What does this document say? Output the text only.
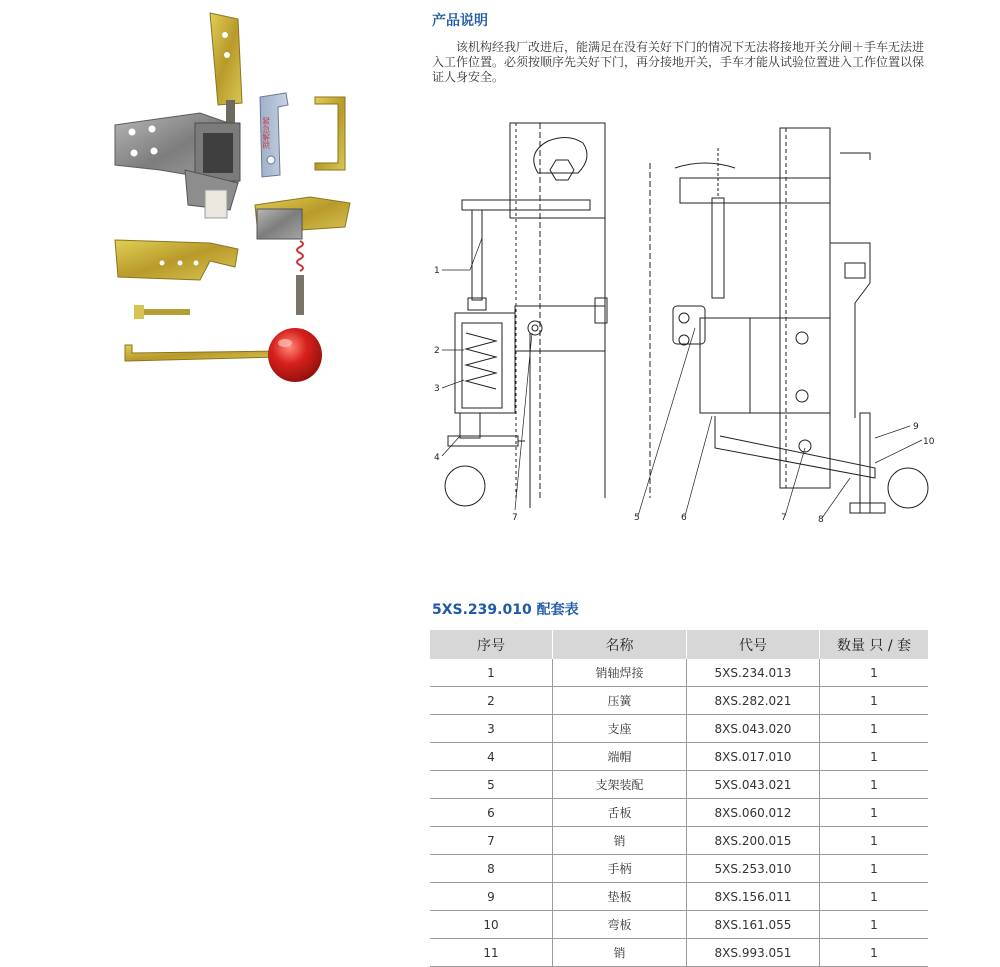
紧急解锁
产品说明

该机构经我厂改进后，能满足在没有关好下门的情况下无法将接地开关分闸＋手车无法进入工作位置。必须按顺序先关好下门，再分接地开关，手车才能从试验位置进入工作位置以保证人身安全。

1
2
3
4
7	5	6	7	8
9
10
5XS.239.010 配套表
序号	名称	代号	数量 只 / 套
1	销轴焊接	5XS.234.013	1
2	压簧	8XS.282.021	1
3	支座	8XS.043.020	1
4	端帽	8XS.017.010	1
5	支架装配	5XS.043.021	1
6	舌板	8XS.060.012	1
7	销	8XS.200.015	1
8	手柄	5XS.253.010	1
9	垫板	8XS.156.011	1
10	弯板	8XS.161.055	1
11	销	8XS.993.051	1
